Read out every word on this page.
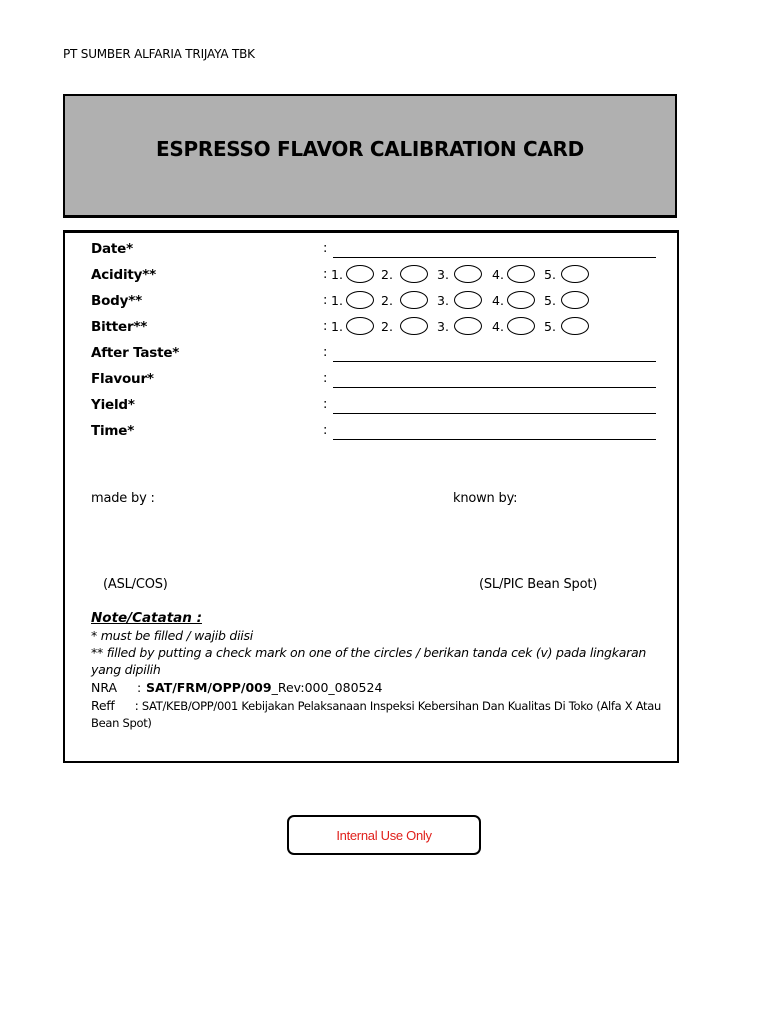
PT SUMBER ALFARIA TRIJAYA TBK
ESPRESSO FLAVOR CALIBRATION CARD
Date*	:
Acidity**	: 1.	2.	3.	4.	5.
Body**	: 1.	2.	3.	4.	5.
Bitter**	: 1.	2.	3.	4.	5.
After Taste*	:
Flavour*	:
Yield*	:
Time*	:
made by :	known by:
(ASL/COS)	(SL/PIC Bean Spot)
Note/Catatan :
* must be filled / wajib diisi
** filled by putting a check mark on one of the circles / berikan tanda cek (v) pada lingkaran
yang dipilih
NRA : SAT/FRM/OPP/009_Rev:000_080524
Reff : SAT/KEB/OPP/001 Kebijakan Pelaksanaan Inspeksi Kebersihan Dan Kualitas Di Toko (Alfa X Atau Bean Spot)
Internal Use Only
